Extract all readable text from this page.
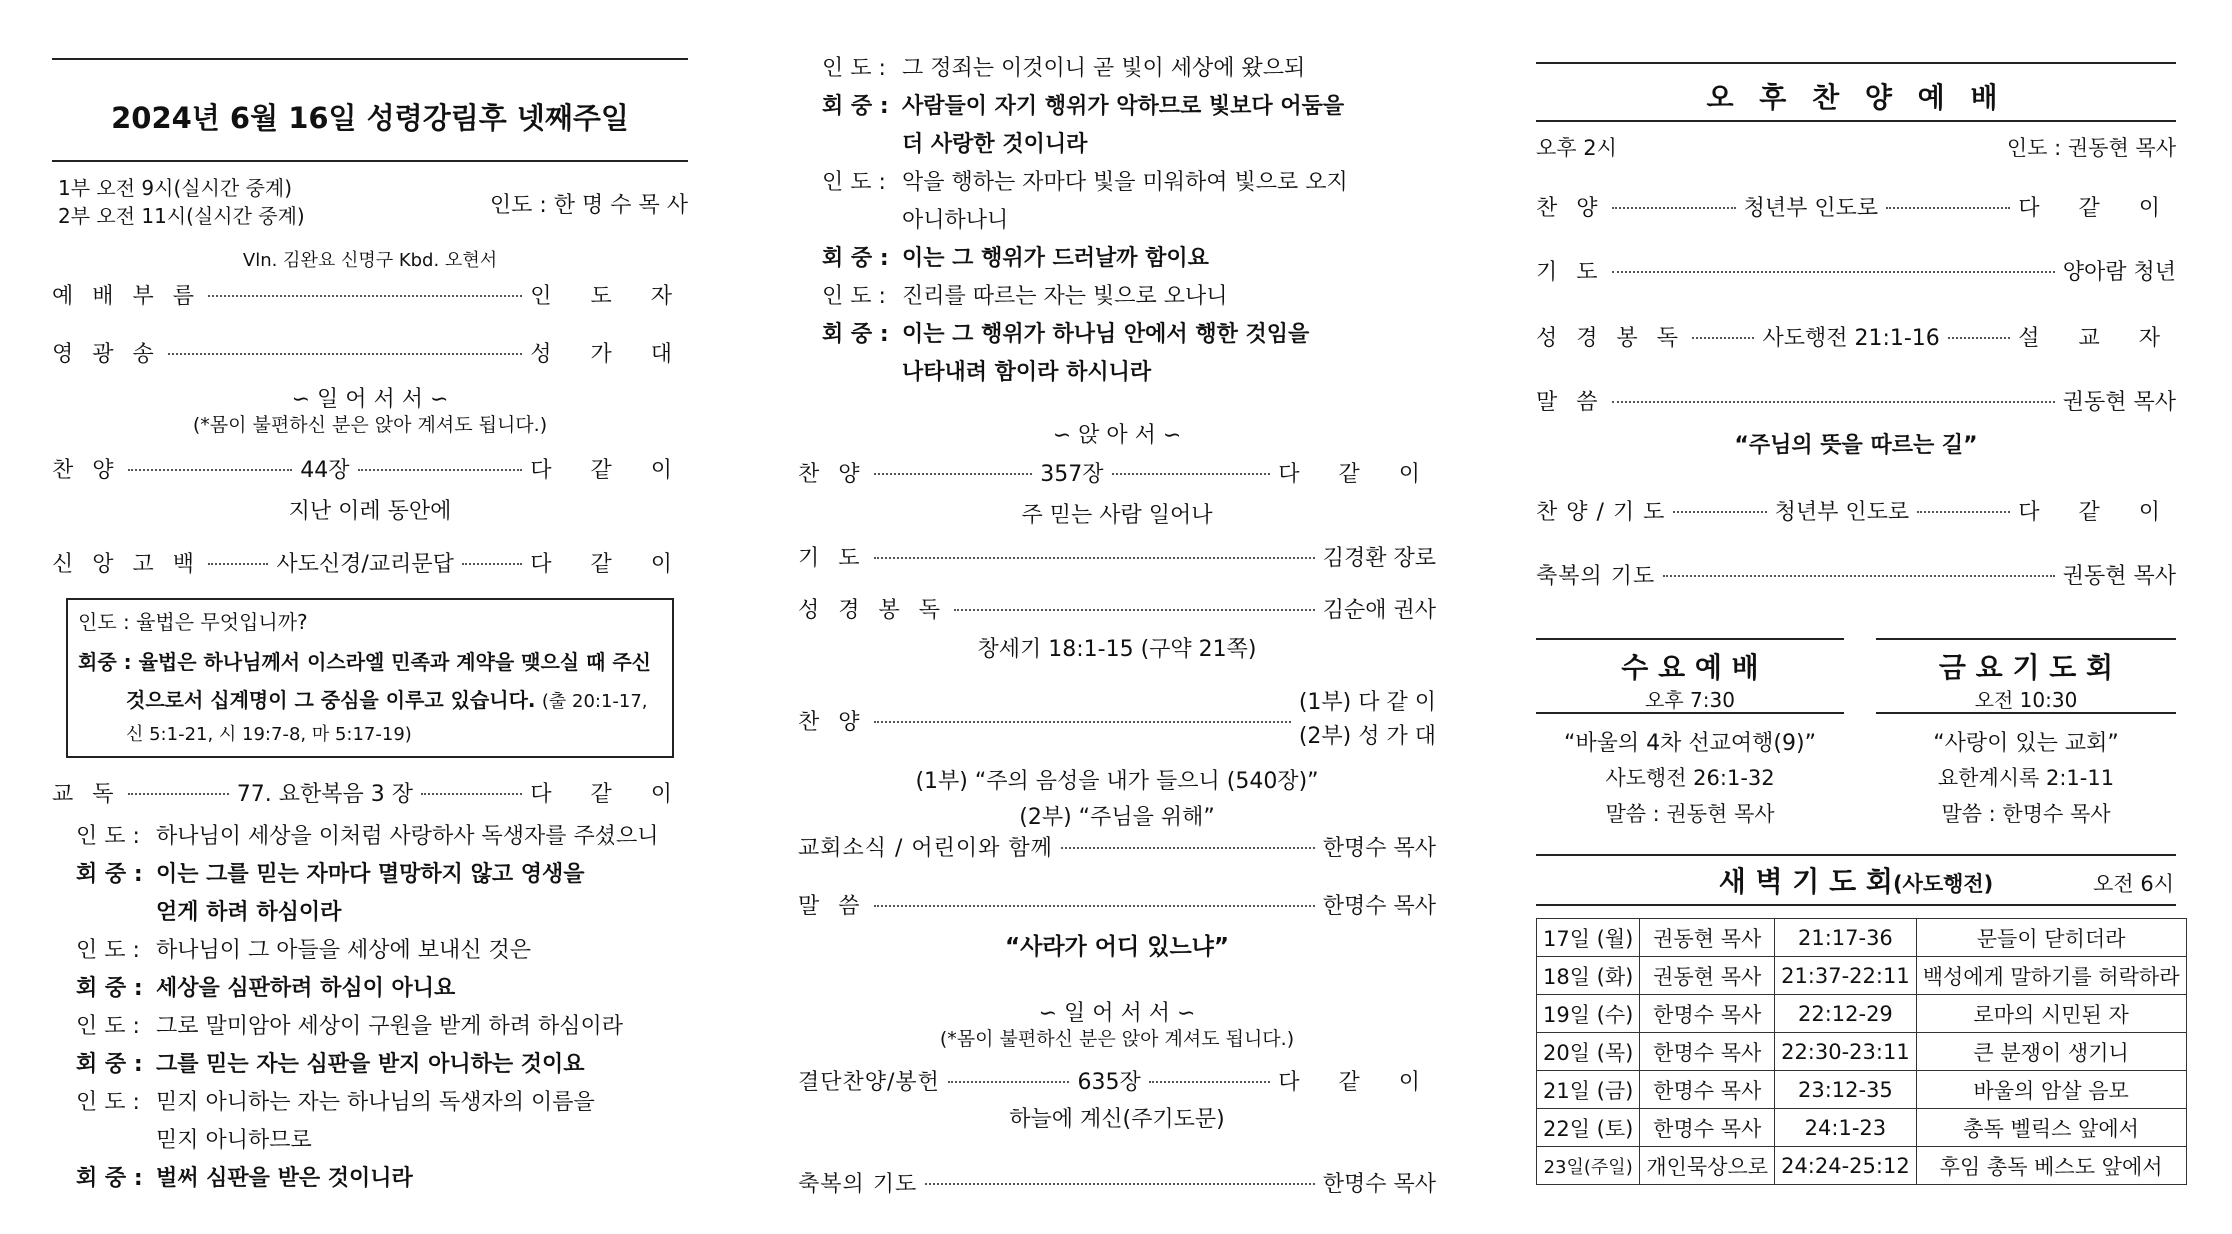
2024년 6월 16일 성령강림후 넷째주일
1부 오전 9시(실시간 중계)
2부 오전 11시(실시간 중계)	인도 : 한 명 수 목 사
Vln. 김완요 신명구 Kbd. 오현서
예 배 부 름	인 도 자
영 광 송	성 가 대
∽ 일 어 서 서 ∽
(*몸이 불편하신 분은 앉아 계셔도 됩니다.)
찬 양	44장	다 같 이
지난 이레 동안에
신 앙 고 백	사도신경/교리문답	다 같 이
인도 : 율법은 무엇입니까?
회중 : 율법은 하나님께서 이스라엘 민족과 계약을 맺으실 때 주신
것으로서 십계명이 그 중심을 이루고 있습니다. (출 20:1-17,
신 5:1-21, 시 19:7-8, 마 5:17-19)
교 독	77. 요한복음 3 장	다 같 이
인 도 : 하나님이 세상을 이처럼 사랑하사 독생자를 주셨으니
회 중 : 이는 그를 믿는 자마다 멸망하지 않고 영생을
얻게 하려 하심이라
인 도 : 하나님이 그 아들을 세상에 보내신 것은
회 중 : 세상을 심판하려 하심이 아니요
인 도 : 그로 말미암아 세상이 구원을 받게 하려 하심이라
회 중 : 그를 믿는 자는 심판을 받지 아니하는 것이요
인 도 : 믿지 아니하는 자는 하나님의 독생자의 이름을
믿지 아니하므로
회 중 : 벌써 심판을 받은 것이니라
인 도 : 그 정죄는 이것이니 곧 빛이 세상에 왔으되
회 중 : 사람들이 자기 행위가 악하므로 빛보다 어둠을
더 사랑한 것이니라
인 도 : 악을 행하는 자마다 빛을 미워하여 빛으로 오지
아니하나니
회 중 : 이는 그 행위가 드러날까 함이요
인 도 : 진리를 따르는 자는 빛으로 오나니
회 중 : 이는 그 행위가 하나님 안에서 행한 것임을
나타내려 함이라 하시니라
∽ 앉 아 서 ∽
찬 양	357장	다 같 이
주 믿는 사람 일어나
기 도	김경환 장로
성 경 봉 독	김순애 권사
창세기 18:1-15 (구약 21쪽)
찬 양
(1부) 다 같 이
(2부) 성 가 대
(1부) “주의 음성을 내가 들으니 (540장)”
(2부) “주님을 위해”
교회소식 / 어린이와 함께	한명수 목사
말 씀	한명수 목사
“사라가 어디 있느냐”
∽ 일 어 서 서 ∽
(*몸이 불편하신 분은 앉아 계셔도 됩니다.)
결단찬양/봉헌	635장	다 같 이
하늘에 계신(주기도문)
축복의 기도	한명수 목사
오 후 찬 양 예 배
오후 2시	인도 : 권동현 목사
찬 양	청년부 인도로	다 같 이
기 도	양아람 청년
성 경 봉 독	사도행전 21:1-16	설 교 자
말 씀	권동현 목사
“주님의 뜻을 따르는 길”
찬 양 / 기 도	청년부 인도로	다 같 이
축복의 기도	권동현 목사
수 요 예 배
오후 7:30
“바울의 4차 선교여행(9)”
사도행전 26:1-32
말씀 : 권동현 목사
금 요 기 도 회
오전 10:30
“사랑이 있는 교회”
요한계시록 2:1-11
말씀 : 한명수 목사
새 벽 기 도 회(사도행전)	오전 6시
17일 (월)	권동현 목사	21:17-36	문들이 닫히더라
18일 (화)	권동현 목사	21:37-22:11	백성에게 말하기를 허락하라
19일 (수)	한명수 목사	22:12-29	로마의 시민된 자
20일 (목)	한명수 목사	22:30-23:11	큰 분쟁이 생기니
21일 (금)	한명수 목사	23:12-35	바울의 암살 음모
22일 (토)	한명수 목사	24:1-23	총독 벨릭스 앞에서
23일(주일)	개인묵상으로	24:24-25:12	후임 총독 베스도 앞에서
